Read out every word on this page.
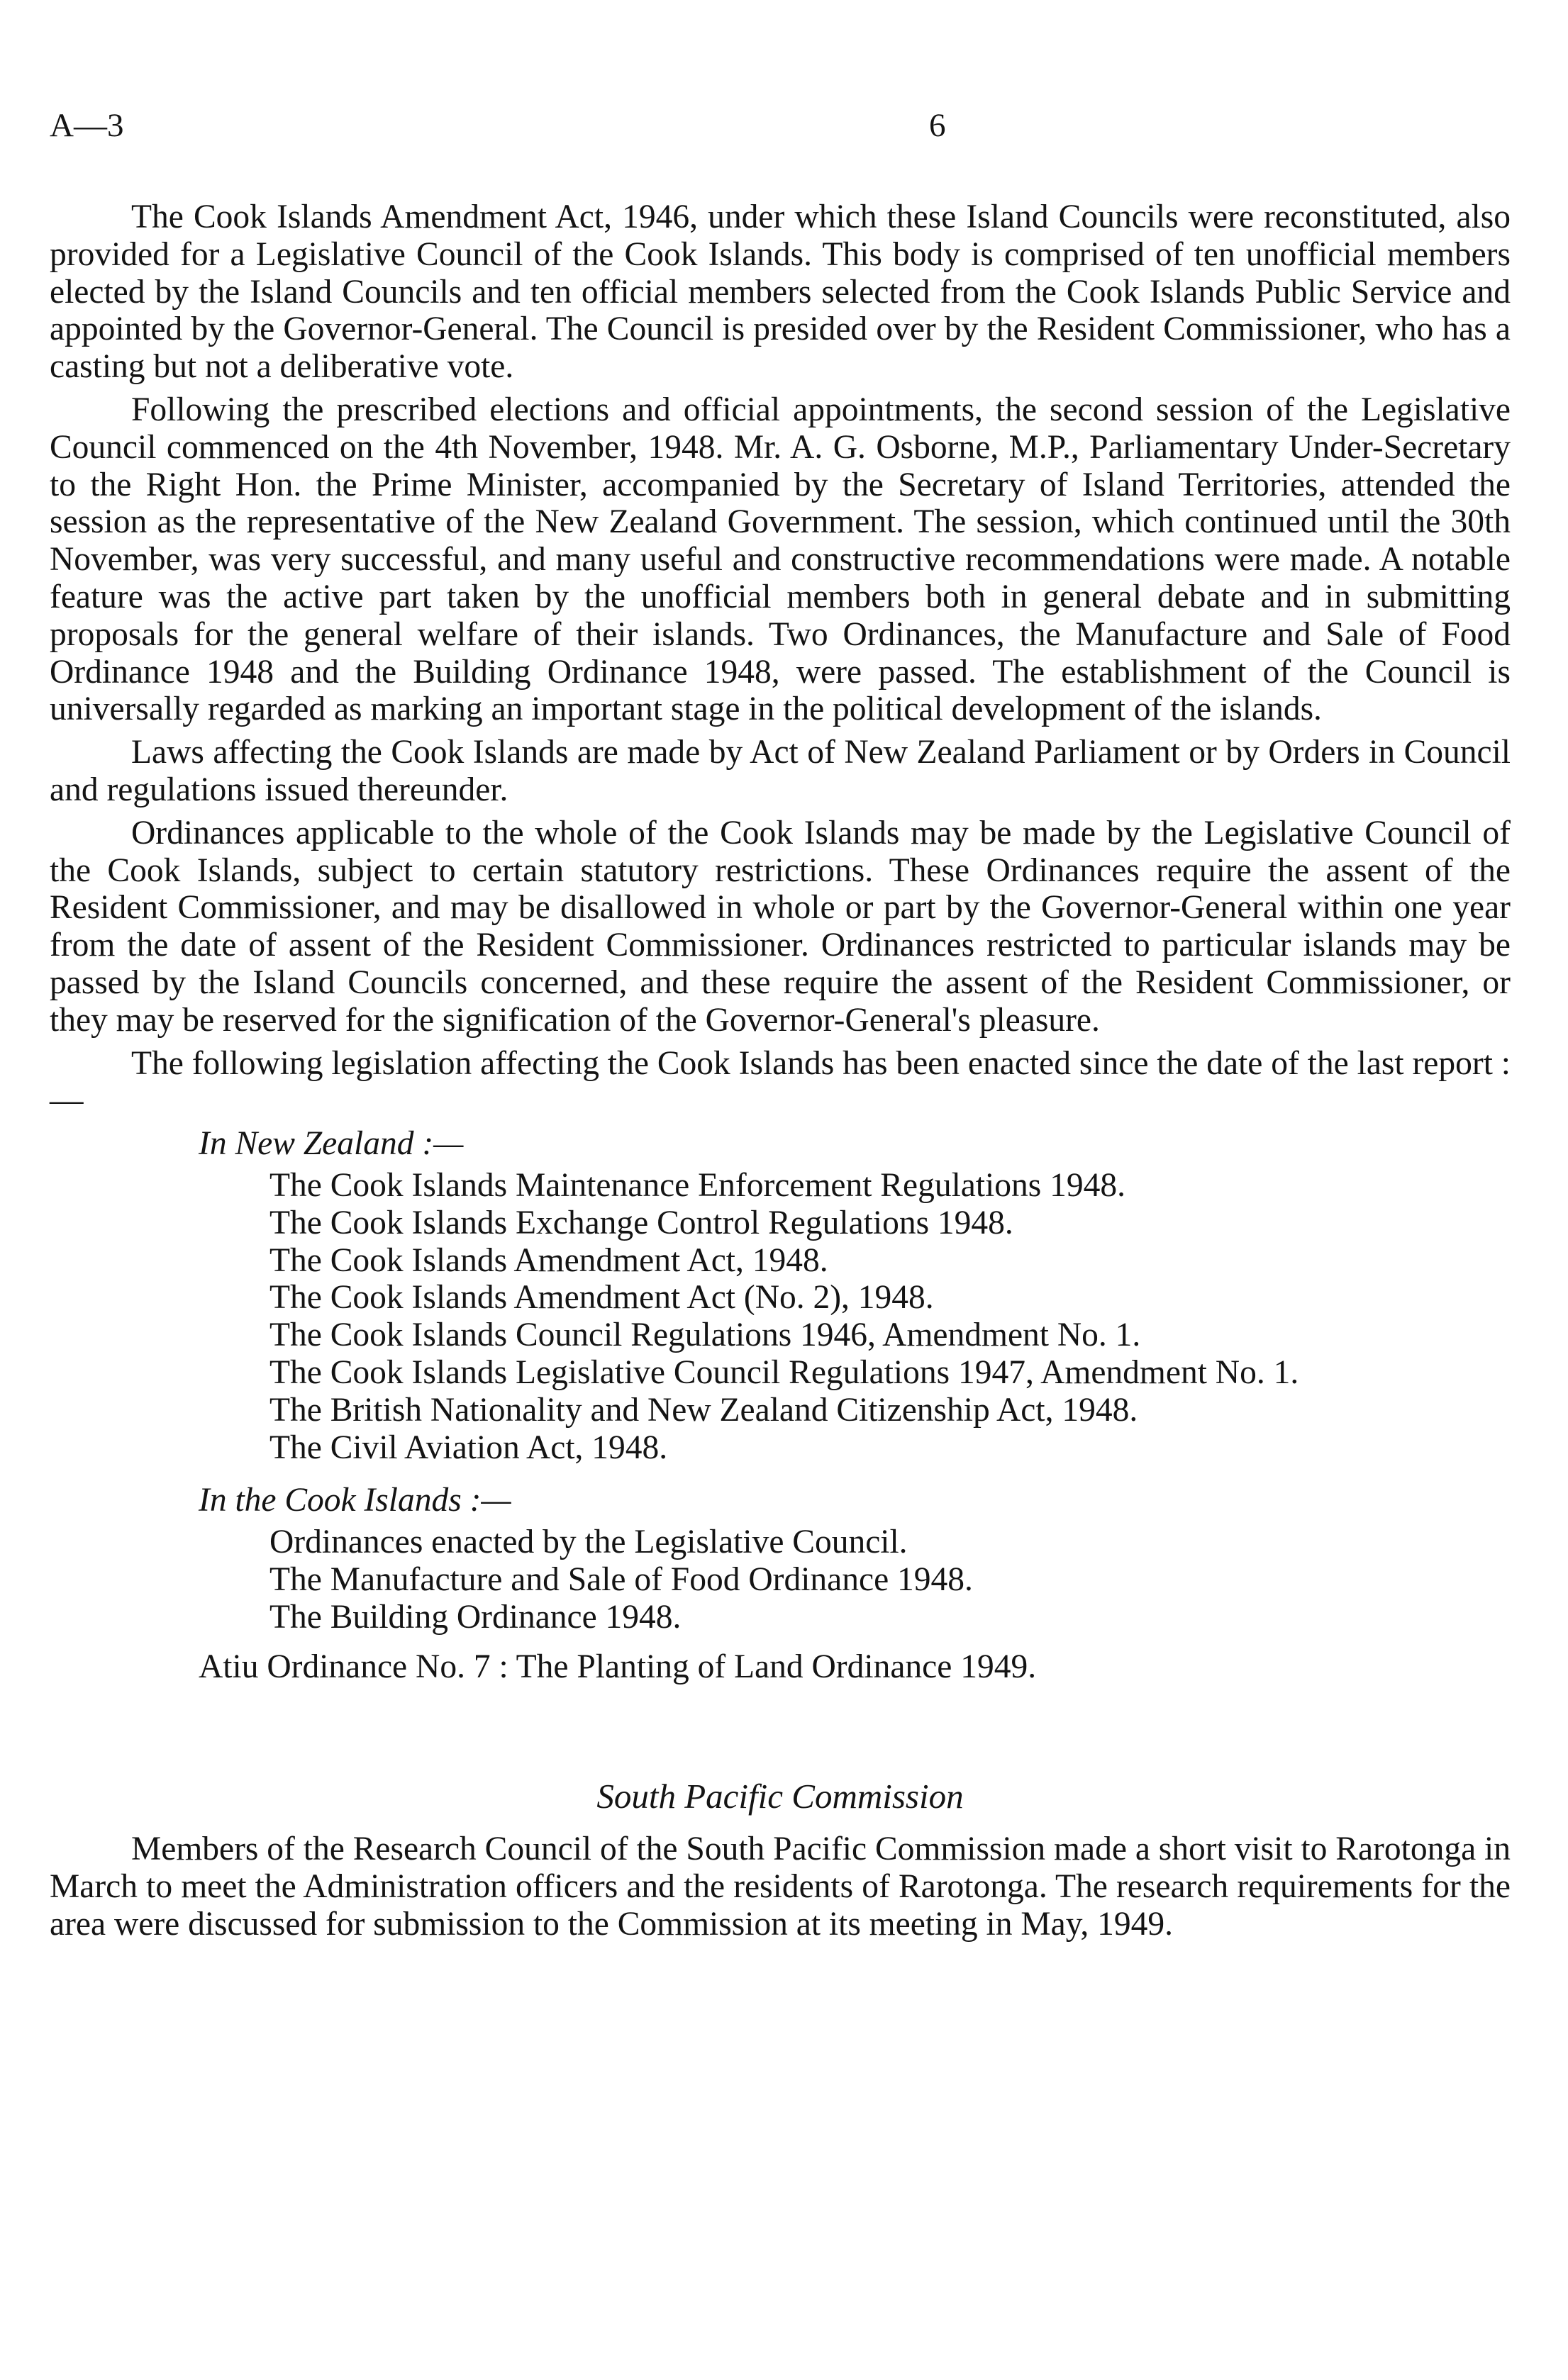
A—3	6

The Cook Islands Amendment Act, 1946, under which these Island Councils were reconstituted, also provided for a Legislative Council of the Cook Islands. This body is comprised of ten unofficial members elected by the Island Councils and ten official members selected from the Cook Islands Public Service and appointed by the Governor-General. The Council is presided over by the Resident Commissioner, who has a casting but not a deliberative vote.

Following the prescribed elections and official appointments, the second session of the Legislative Council commenced on the 4th November, 1948. Mr. A. G. Osborne, M.P., Parliamentary Under-Secretary to the Right Hon. the Prime Minister, accompanied by the Secretary of Island Territories, attended the session as the representative of the New Zealand Government. The session, which continued until the 30th November, was very successful, and many useful and constructive recommendations were made. A notable feature was the active part taken by the unofficial members both in general debate and in submitting proposals for the general welfare of their islands. Two Ordinances, the Manufacture and Sale of Food Ordinance 1948 and the Building Ordinance 1948, were passed. The establishment of the Council is universally regarded as marking an important stage in the political development of the islands.

Laws affecting the Cook Islands are made by Act of New Zealand Parliament or by Orders in Council and regulations issued thereunder.

Ordinances applicable to the whole of the Cook Islands may be made by the Legislative Council of the Cook Islands, subject to certain statutory restrictions. These Ordinances require the assent of the Resident Commissioner, and may be disallowed in whole or part by the Governor-General within one year from the date of assent of the Resident Commissioner. Ordinances restricted to particular islands may be passed by the Island Councils concerned, and these require the assent of the Resident Commissioner, or they may be reserved for the signification of the Governor-General's pleasure.

The following legislation affecting the Cook Islands has been enacted since the date of the last report :—

In New Zealand :—
The Cook Islands Maintenance Enforcement Regulations 1948.
The Cook Islands Exchange Control Regulations 1948.
The Cook Islands Amendment Act, 1948.
The Cook Islands Amendment Act (No. 2), 1948.
The Cook Islands Council Regulations 1946, Amendment No. 1.
The Cook Islands Legislative Council Regulations 1947, Amendment No. 1.
The British Nationality and New Zealand Citizenship Act, 1948.
The Civil Aviation Act, 1948.
In the Cook Islands :—
Ordinances enacted by the Legislative Council.
The Manufacture and Sale of Food Ordinance 1948.
The Building Ordinance 1948.
Atiu Ordinance No. 7 : The Planting of Land Ordinance 1949.
South Pacific Commission

Members of the Research Council of the South Pacific Commission made a short visit to Rarotonga in March to meet the Administration officers and the residents of Rarotonga. The research requirements for the area were discussed for submission to the Commission at its meeting in May, 1949.
